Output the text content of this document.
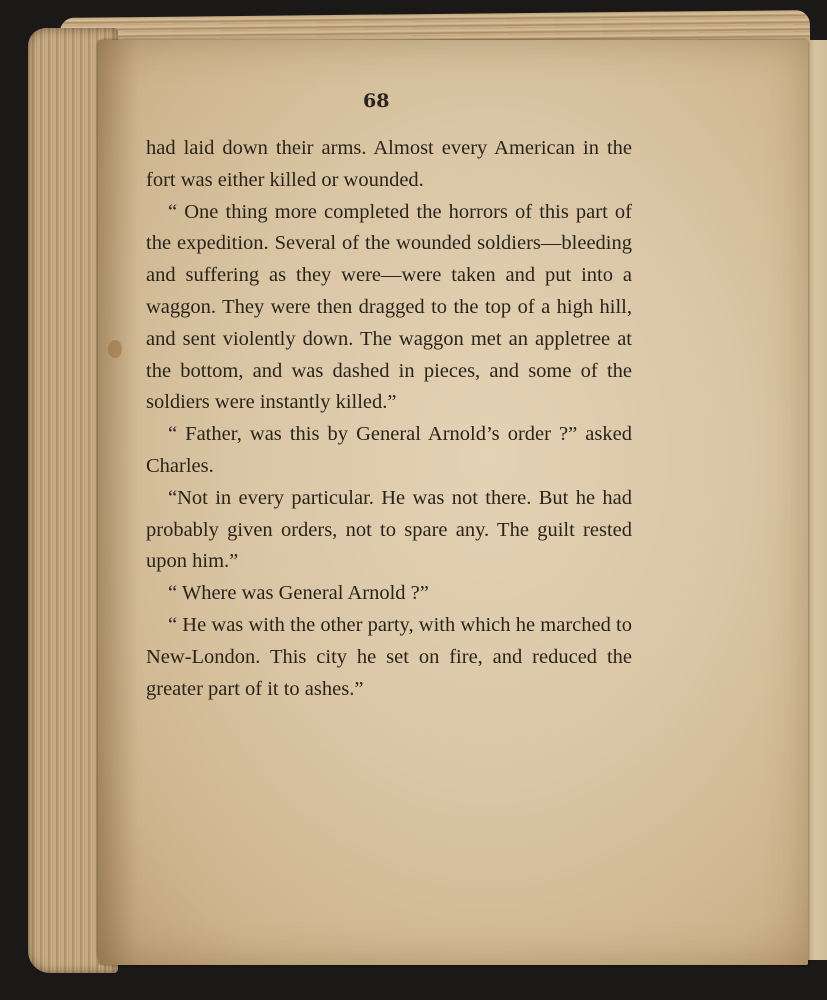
68

had laid down their arms. Almost every American in the fort was either killed or wounded.

“ One thing more completed the horrors of this part of the expedition. Several of the wounded soldiers—bleeding and suffering as they were—were taken and put into a waggon. They were then dragged to the top of a high hill, and sent violently down. The waggon met an appletree at the bottom, and was dashed in pieces, and some of the soldiers were instantly killed.”

“ Father, was this by General Arnold’s order ?” asked Charles.

“Not in every particular. He was not there. But he had probably given orders, not to spare any. The guilt rested upon him.”

“ Where was General Arnold ?”

“ He was with the other party, with which he marched to New-London. This city he set on fire, and reduced the greater part of it to ashes.”
